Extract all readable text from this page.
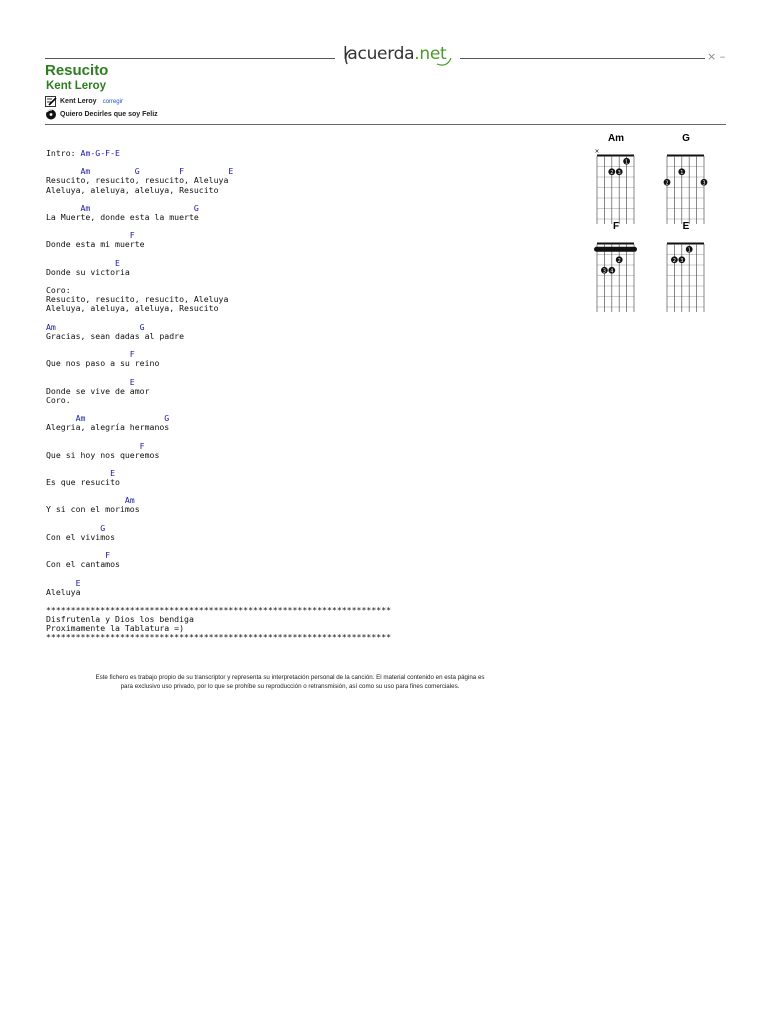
lacuerda.net	× –
Resucito
Kent Leroy
Kent Leroy corregir
Quiero Decirles que soy Feliz
Intro: Am-G-F-E
Am         G        F         E
Resucito, resucito, resucito, Aleluya
Aleluya, aleluya, aleluya, Resucito
Am                     G
La Muerte, donde esta la muerte
F
Donde esta mi muerte
E
Donde su victoria
Coro:
Resucito, resucito, resucito, Aleluya
Aleluya, aleluya, aleluya, Resucito
Am                 G
Gracias, sean dadas al padre
F
Que nos paso a su reino
E
Donde se vive de amor
Coro.
Am                G
Alegria, alegría hermanos
F
Que si hoy nos queremos
E
Es que resucito
Am
Y si con el morimos
G
Con el vivimos
F
Con el cantamos
E
Aleluya
**********************************************************************
Disfrutenla y Dios los bendiga
Proximamente la Tablatura =)
**********************************************************************
Am
×
1
2 3
G
1
2	3
F
2
3 4
E
1
2 3
Este fichero es trabajo propio de su transcriptor y representa su interpretación personal de la canción. El material contenido en esta página es
para exclusivo uso privado, por lo que se prohíbe su reproducción o retransmisión, así como su uso para fines comerciales.
